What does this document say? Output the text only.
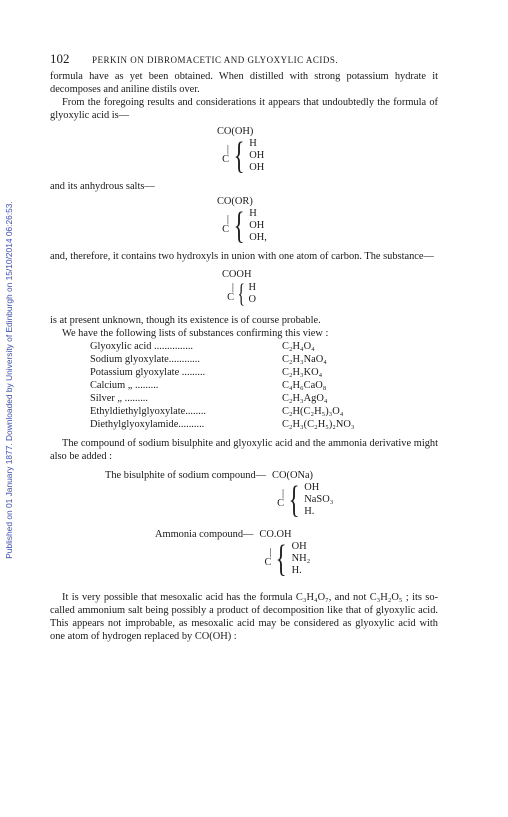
Published on 01 January 1877. Downloaded by University of Edinburgh on 15/10/2014 06:26:53.
102	PERKIN ON DIBROMACETIC AND GLYOXYLIC ACIDS.

formula have as yet been obtained. When distilled with strong potassium hydrate it decomposes and aniline distils over.

From the foregoing results and considerations it appears that undoubtedly the formula of glyoxylic acid is—

CO(OH)
|
C { H
OH
OH

and its anhydrous salts—

CO(OR)
|
C { H
OH
OH,

and, therefore, it contains two hydroxyls in union with one atom of carbon. The substance—

COOH
|
C { H
O

is at present unknown, though its existence is of course probable.

We have the following lists of substances confirming this view :

Glyoxylic acid ...............	C₂H₄O₄
Sodium glyoxylate............	C₂H₃NaO₄
Potassium glyoxylate .........	C₂H₃KO₄
Calcium „ .........	C₄H₆CaO₈
Silver „ .........	C₂H₃AgO₄
Ethyldiethylglyoxylate........	C₂H(C₂H₅)₃O₄
Diethylglyoxylamide..........	C₂H₃(C₂H₅)₂NO₃

The compound of sodium bisulphite and glyoxylic acid and the ammonia derivative might also be added :

The bisulphite of sodium compound— CO(ONa)
|
C { OH
NaSO₃
H.
Ammonia compound— CO.OH
|
C { OH
NH₂
H.

It is very possible that mesoxalic acid has the formula C₃H₄O₇, and not C₃H₂O₅ ; its so-called ammonium salt being possibly a product of decomposition like that of glyoxylic acid. This appears not improbable, as mesoxalic acid may be considered as glyoxylic acid with one atom of hydrogen replaced by CO(OH) :
